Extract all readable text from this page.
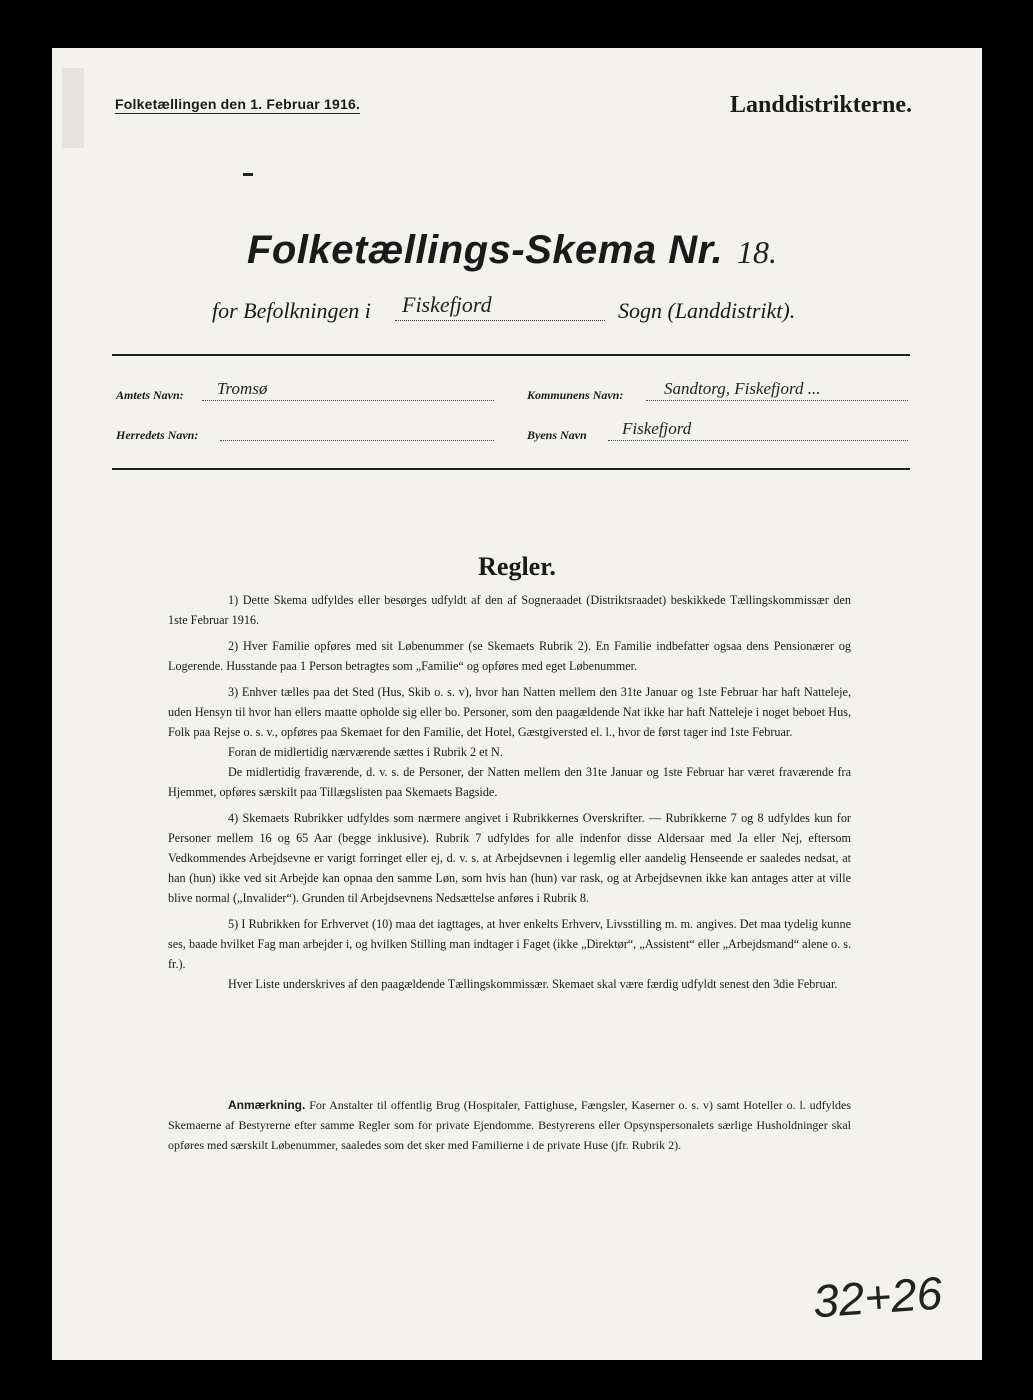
Folketællingen den 1. Februar 1916.	Landdistrikterne.
Folketællings-Skema Nr. 18.
for Befolkningen i Fiskefjord	Sogn (Landdistrikt).
Amtets Navn: Tromsø
Herredets Navn:
Kommunens Navn: Sandtorg, Fiskefjord ...
Byens Navn Fiskefjord
Regler.

1) Dette Skema udfyldes eller besørges udfyldt af den af Sogneraadet (Distriktsraadet) beskikkede Tællingskommissær den 1ste Februar 1916.

2) Hver Familie opføres med sit Løbenummer (se Skemaets Rubrik 2). En Familie indbefatter ogsaa dens Pensionærer og Logerende. Husstande paa 1 Person betragtes som „Familie“ og opføres med eget Løbenummer.

3) Enhver tælles paa det Sted (Hus, Skib o. s. v), hvor han Natten mellem den 31te Januar og 1ste Februar har haft Natteleje, uden Hensyn til hvor han ellers maatte opholde sig eller bo. Personer, som den paagældende Nat ikke har haft Natteleje i noget beboet Hus, Folk paa Rejse o. s. v., opføres paa Skemaet for den Familie, det Hotel, Gæstgiversted el. l., hvor de først tager ind 1ste Februar.

Foran de midlertidig nærværende sættes i Rubrik 2 et N.

De midlertidig fraværende, d. v. s. de Personer, der Natten mellem den 31te Januar og 1ste Februar har været fraværende fra Hjemmet, opføres særskilt paa Tillægslisten paa Skemaets Bagside.

4) Skemaets Rubrikker udfyldes som nærmere angivet i Rubrikkernes Overskrifter. — Rubrikkerne 7 og 8 udfyldes kun for Personer mellem 16 og 65 Aar (begge inklusive). Rubrik 7 udfyldes for alle indenfor disse Aldersaar med Ja eller Nej, eftersom Vedkommendes Arbejdsevne er varigt forringet eller ej, d. v. s. at Arbejdsevnen i legemlig eller aandelig Henseende er saaledes nedsat, at han (hun) ikke ved sit Arbejde kan opnaa den samme Løn, som hvis han (hun) var rask, og at Arbejdsevnen ikke kan antages atter at ville blive normal („Invalider“). Grunden til Arbejdsevnens Nedsættelse anføres i Rubrik 8.

5) I Rubrikken for Erhvervet (10) maa det iagttages, at hver enkelts Erhverv, Livsstilling m. m. angives. Det maa tydelig kunne ses, baade hvilket Fag man arbejder i, og hvilken Stilling man indtager i Faget (ikke „Direktør“, „Assistent“ eller „Arbejdsmand“ alene o. s. fr.).

Hver Liste underskrives af den paagældende Tællingskommissær. Skemaet skal være færdig udfyldt senest den 3die Februar.

Anmærkning. For Anstalter til offentlig Brug (Hospitaler, Fattighuse, Fængsler, Kaserner o. s. v) samt Hoteller o. l. udfyldes Skemaerne af Bestyrerne efter samme Regler som for private Ejendomme. Bestyrerens eller Opsynspersonalets særlige Husholdninger skal opføres med særskilt Løbenummer, saaledes som det sker med Familierne i de private Huse (jfr. Rubrik 2).

32+26
